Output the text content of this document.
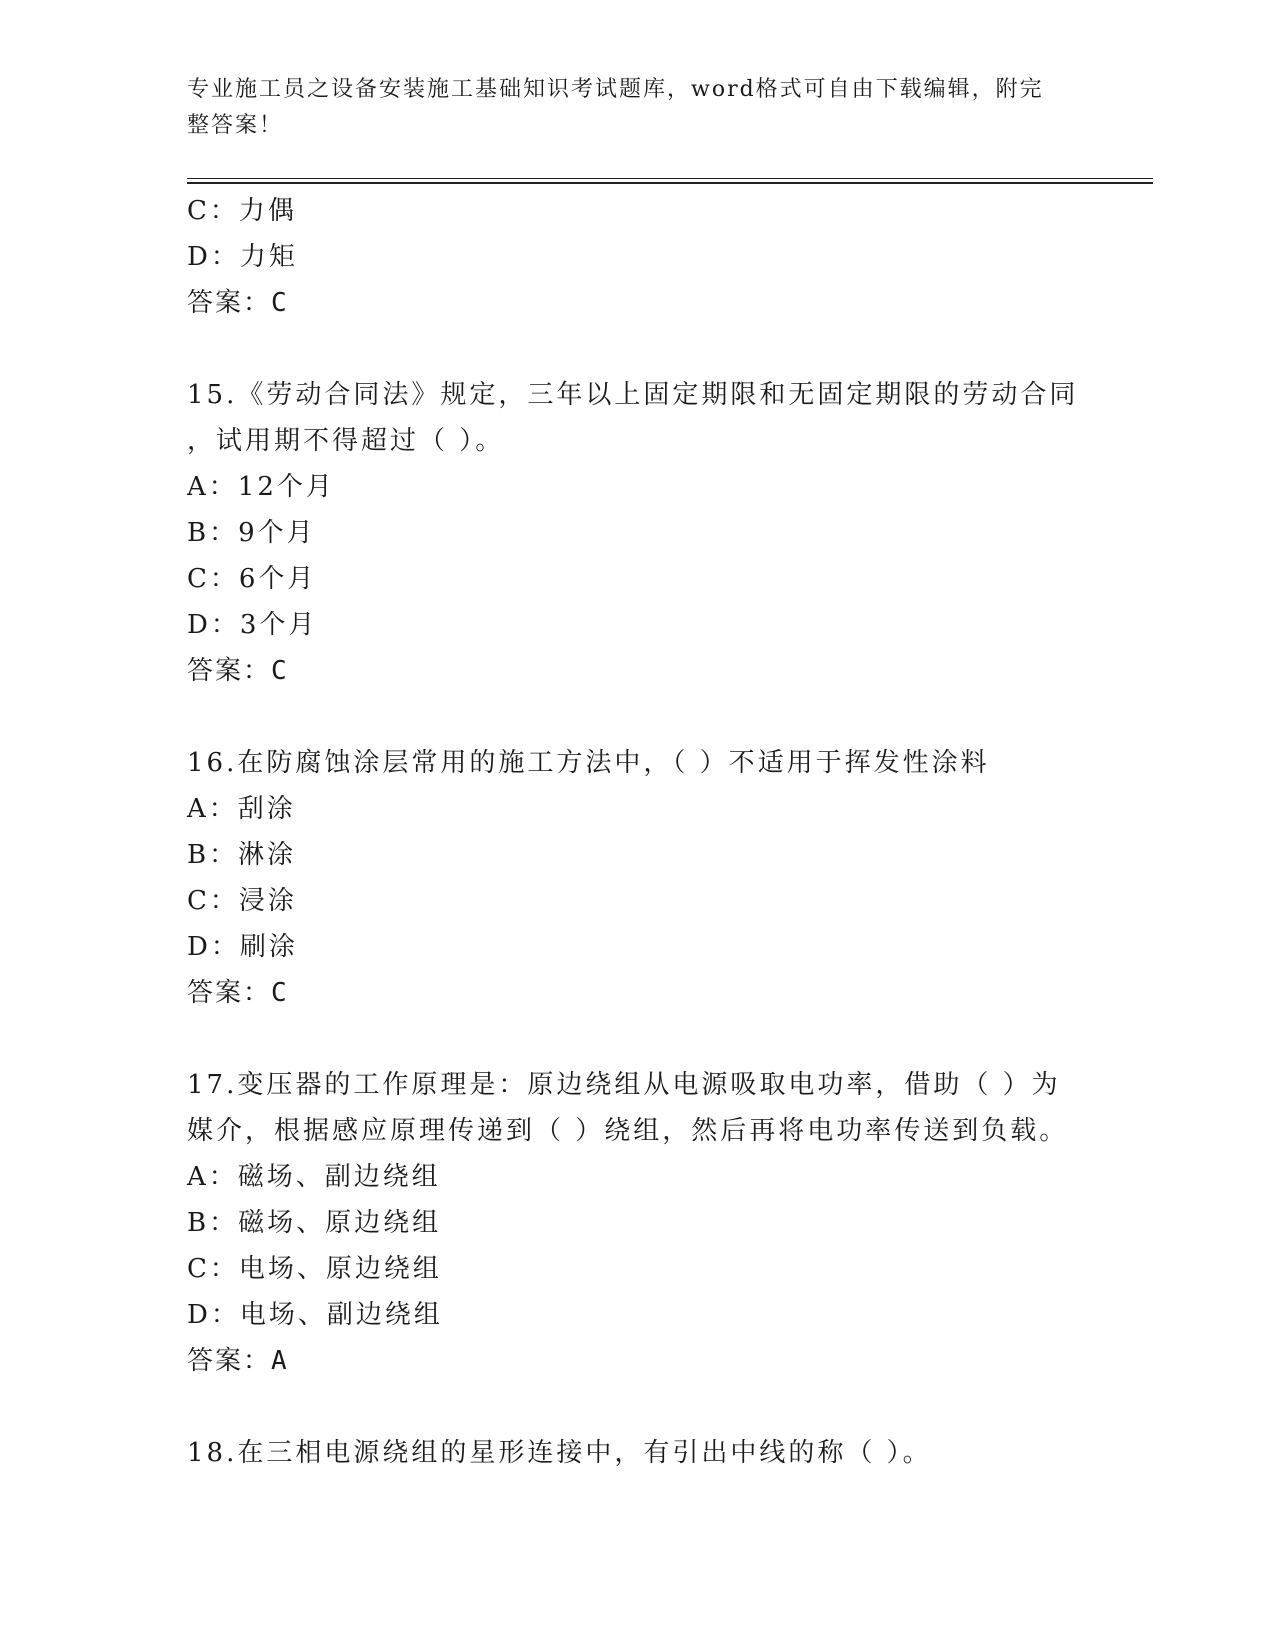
专业施工员之设备安装施工基础知识考试题库，word格式可自由下载编辑，附完
整答案！
C：力偶
D：力矩
答案：C
15.《劳动合同法》规定，三年以上固定期限和无固定期限的劳动合同
，试用期不得超过（ ）。
A：12个月
B：9个月
C：6个月
D：3个月
答案：C
16.在防腐蚀涂层常用的施工方法中，（ ）不适用于挥发性涂料
A：刮涂
B：淋涂
C：浸涂
D：刷涂
答案：C
17.变压器的工作原理是：原边绕组从电源吸取电功率，借助（ ）为
媒介，根据感应原理传递到（ ）绕组，然后再将电功率传送到负载。
A：磁场、副边绕组
B：磁场、原边绕组
C：电场、原边绕组
D：电场、副边绕组
答案：A
18.在三相电源绕组的星形连接中，有引出中线的称（ ）。
